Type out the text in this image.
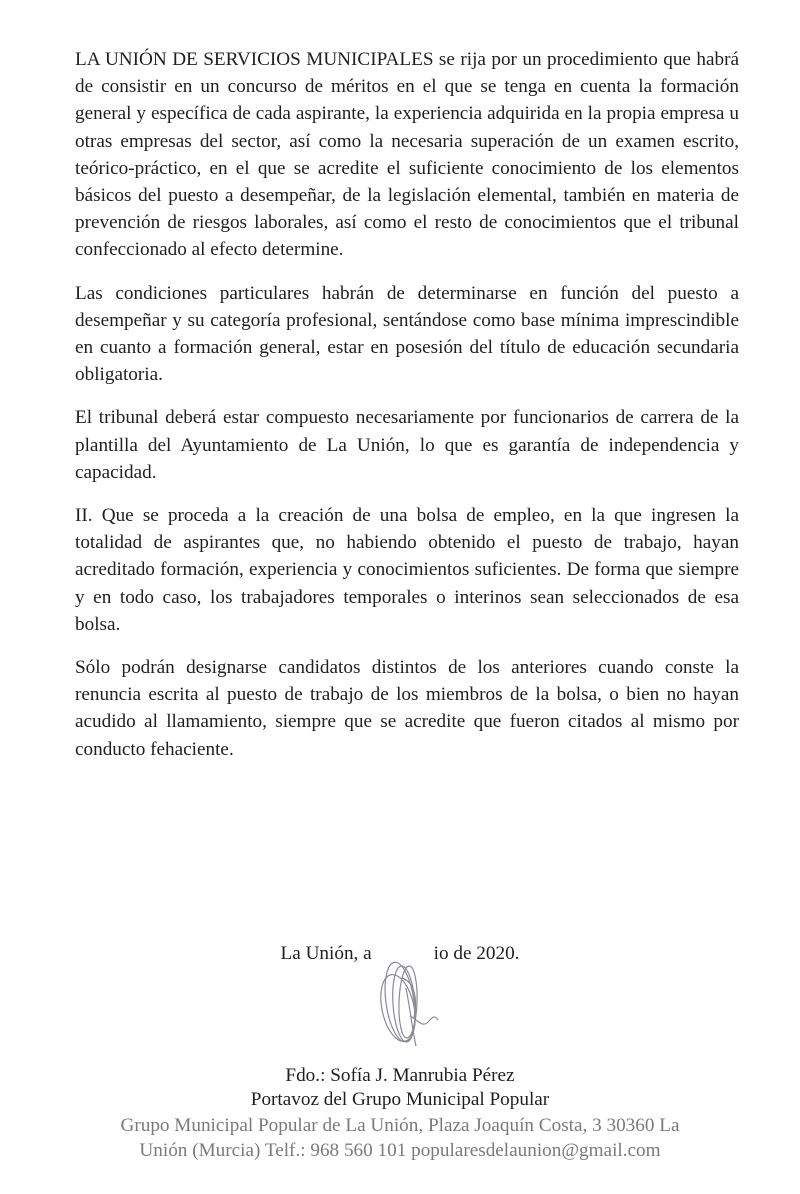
LA UNIÓN DE SERVICIOS MUNICIPALES se rija por un procedimiento que habrá de consistir en un concurso de méritos en el que se tenga en cuenta la formación general y específica de cada aspirante, la experiencia adquirida en la propia empresa u otras empresas del sector, así como la necesaria superación de un examen escrito, teórico-práctico, en el que se acredite el suficiente conocimiento de los elementos básicos del puesto a desempeñar, de la legislación elemental, también en materia de prevención de riesgos laborales, así como el resto de conocimientos que el tribunal confeccionado al efecto determine.

Las condiciones particulares habrán de determinarse en función del puesto a desempeñar y su categoría profesional, sentándose como base mínima imprescindible en cuanto a formación general, estar en posesión del título de educación secundaria obligatoria.

El tribunal deberá estar compuesto necesariamente por funcionarios de carrera de la plantilla del Ayuntamiento de La Unión, lo que es garantía de independencia y capacidad.

II. Que se proceda a la creación de una bolsa de empleo, en la que ingresen la totalidad de aspirantes que, no habiendo obtenido el puesto de trabajo, hayan acreditado formación, experiencia y conocimientos suficientes. De forma que siempre y en todo caso, los trabajadores temporales o interinos sean seleccionados de esa bolsa.

Sólo podrán designarse candidatos distintos de los anteriores cuando conste la renuncia escrita al puesto de trabajo de los miembros de la bolsa, o bien no hayan acudido al llamamiento, siempre que se acredite que fueron citados al mismo por conducto fehaciente.

La Unión, a	io de 2020.
Fdo.: Sofía J. Manrubia Pérez
Portavoz del Grupo Municipal Popular
Grupo Municipal Popular de La Unión, Plaza Joaquín Costa, 3 30360 La
Unión (Murcia) Telf.: 968 560 101 popularesdelaunion@gmail.com
